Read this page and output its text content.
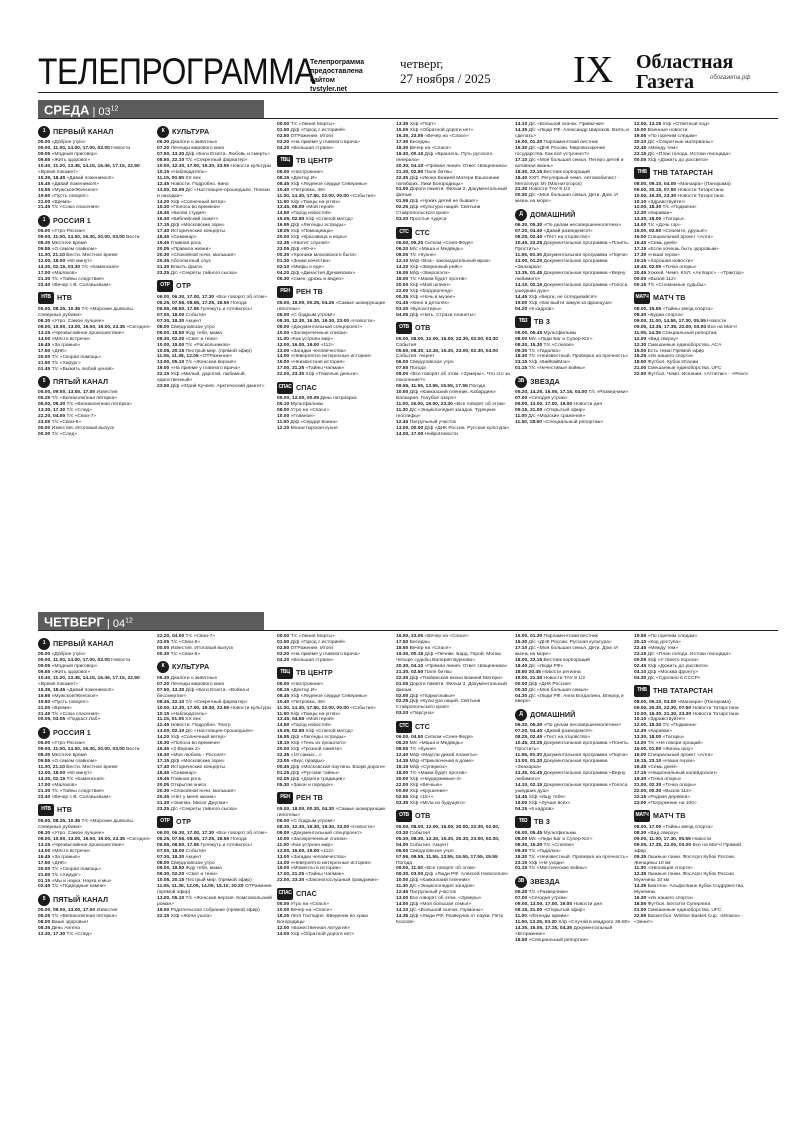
ТЕЛЕПРОГРАММА
Телепрограмма
предоставлена
сайтом
tvstyler.net
четверг,
27 ноября / 2025	IX Областная
Газета	облгазета.рф
СРЕДА | $03^{12}$
1	ПЕРВЫЙ КАНАЛ
05.00 «Доброе утро»
09.00, 11.00, 14.00, 17.00, 03.00 Новости
09.05 «Модный приговор»
09.55 «Жить здорово!»
10.40, 11.20, 13.45, 14.15, 16.45, 17.15, 22.50 «Время покажет»
15.35, 18.45 «Давай поженимся!»
15.45 «Давай поженимся!»
15.55 «Мужское/Женское»
19.50 «Пусть говорят»
21.00 «Время»
21.45 Т/с «Союз спасения»
1	РОССИЯ 1
05.00 «Утро России»
09.00, 11.00, 14.00, 16.30, 20.00, 03.00 Вести
09.30 Местное время
09.55 «О самом главном»
11.30, 21.10 Вести. Местное время
12.00, 18.00 «60 минут»
14.30, 02.15, 03.30 Т/с «Каменская»
17.00 «Малахов»
21.30 Т/с «Тайны следствия»
23.40 «Вечер с В. Соловьевым»
НТВ НТВ
05.00, 08.25, 10.35 Т/с «Морские дьяволы. Северные рубежи»
06.30 «Утро. Самое лучшее»
08.00, 10.00, 13.00, 16.00, 19.00, 23.35 «Сегодня»
13.25 «Чрезвычайное происшествие»
14.00 «Место встречи»
16.45 «За гранью»
17.50 «ДНК»
20.00 Т/с «Скорая помощь»
21.50 Т/с «Хирург»
01.45 Т/с «Выжить любой ценой»
5	ПЯТЫЙ КАНАЛ
05.00, 09.00, 13.00, 17.00 Известия
05.25 Т/с «Великолепная пятерка»
06.00, 09.30 Т/с «Великолепная пятерка»
13.30, 17.30 Т/с «След»
22.20, 04.00 Т/с «Свои-7»
23.05 Т/с «Свои-6»
00.00 Известия. Итоговый выпуск
00.30 Т/с «След»
К	КУЛЬТУРА
06.30 Диалоги о животных
07.20 Легенды мирового кино
07.50, 13.30 Д/ф «Боги Египта. Любовь и смерть»
08.50, 22.10 Т/с «Секретный фарватер»
10.00, 12.30, 17.00, 19.30, 23.55 Новости культуры
10.15 «Наблюдатель»
11.15, 00.55 ХХ век
12.45 Новости. Подробно. Кино
13.00, 02.05 Д/с «Настоящее-прошедшее. Поиски и находки»
14.20 Х/ф «Солнечный ветер»
15.30 «Полоса во времени»
15.45 «Белая студия»
16.30 «Библейский сюжет»
17.15 Д/ф «Московские зори»
17.40 Исторические концерты
18.45 «Семинар»
19.45 Главная роль
20.05 «Правила жизни»
20.30 «Спокойной ночи, малыши!»
20.45 Абсолютный слух
21.30 Власть факта
23.25 Д/с «Секреты тайного сыска»
ОТР ОТР
06.00, 06.30, 17.00, 17.30 «Все говорят об этом»
06.25, 07.55, 08.55, 17.25, 18.55 Погода
06.55, 08.50, 17.55 Гуляжуть и готовьтесь!
07.00, 18.00 События
07.30, 18.30 Акцент
08.00 Свердловское утро
09.00, 18.50 Жду тебя, мама
09.30, 02.20 «Свет и тени»
10.00, 15.00 Т/с «Раскольников»
10.05, 20.15 Пестрый мир. (прямой эфир)
11.05, 11.35, 12.05 «ОТРажение»
13.00, 05.10 Т/с «Женская версия»
19.00 «На приеме у главного врача»
22.15 Х/ф «Милый, дорогой, любимый, единственный»
23.50 Д/ф «Юрий Кучеев. Арктический джигит»
00.00 Т/с «Линия Марты»
01.50 Д/ф «Город с историей»
02.50 ОТРажение. Итоги
03.20 «На приеме у главного врача»
04.20 «Большая страна»
ТВЦ ТВ ЦЕНТР
06.00 «Настроение»
08.15 «Доктор И»
08.45 Х/ф «Ледяное сердце Северины»
10.40 «Петровка, 38»
11.30, 14.30, 17.50, 22.00, 00.00 «События»
11.50 Х/ф «Танцы на углях»
13.45, 05.00 «Мой герой»
14.50 «Город новостей»
15.05, 02.50 Х/ф «Слепой метод»
16.55 Д/ф «Легенды эстрады»
18.05 Х/ф «Помощница»
20.00 Х/ф «Красавица и воры»
22.35 «Хватит слухов!»
23.05 Д/ф «90-е»
00.30 «Хроники московского быта»
01.30 «Знаки качества»
02.10 «Мифы о еде»
04.20 Д/ф «Династия Дунаевских»
05.30 «Смех, дрожь и видео»
РЕН РЕН ТВ
05.00, 18.00, 00.25, 04.25 «Самые шокирующие гипотезы»
06.00 «С бодрым утром!»
08.30, 12.30, 16.30, 19.30, 23.00 «Новости»
09.00 «Документальный спецпроект»
10.00 «Засекреченные списки»
11.00 «Как устроен мир»
12.00, 16.00, 19.00 «112»
13.00 «Загадки человечества»
14.00 «Невероятно интересные истории»
15.00 «Неизвестная история»
17.00, 21.25 «Тайны Чапман»
22.00, 23.30 Х/ф «Тяжелые деньги»
СПАС СПАС
05.00, 12.00, 00.05 День патриарха
05.10 Мультфильмы
08.00 Утро на «Спасе»
10.00 «Главное»
11.00 Д/ф «Сердце воина»
12.10 Монастырская кухня
13.35 Х/ф «Порт»
15.05 Х/ф «Обратной дороги нет»
16.30, 23.05 «Вечер на «Спасе»
17.30 Беседны
18.30 Вечер на «Спасе»
19.30, 00.15 Д/ф «Врангель. Путь русского генерала»
20.30, 04.10 «Прямая линия. Ответ священника»
21.30, 02.50 Пале битвы
22.35 Д/ф «Икона Божией Матери Взыскание погибших. Лики Богородицы»
01.00 Дороги памяти. Фильм 2. Документальный фильм
01.55 Д/ф «Нужих детей не бывает»
02.25 Д/ф «Культура наций. Святыни Ставропольского края»
03.20 Простые чудеса
СТС СТС
06.00, 05.20 Ситком «Сеня-Федя»
06.20 М/с «Маша и Медведь»
08.05 Т/с «Кухня»
12.10 М/ф «Вэа - законодательный мрак»
14.20 Х/ф «Зверинный рейс»
16.05 М/ф «Зверопэлэ»
18.00 Т/с «Мама будет против»
20.00 Х/ф «Мой шпион»
22.00 Х/ф «Бордерленд»
00.35 Х/ф «Ночь в музее»
01.45 «Кино в деталях»
03.20 «Бухгалтеры»
04.05 Д/ф «Нить. Страхи планеты»
ОТВ ОТВ
05.00, 08.00, 12.00, 15.00, 22.30, 02.00, 03.30 События
05.50, 08.30, 12.30, 15.30, 23.00, 02.30, 04.00 События. Акцент
06.00 Свердловское утро
07.55 Погода
09.00 «Все говорят об этом. «Зумеры». Что это за поколение?»
09.55, 11.55, 13.55, 15.55, 17.55 Погода
10.00 Д/ф «Кавказский пленник. Кабардино-Балкария. Голубое озеро»
11.00, 16.00, 19.00, 23.30 «Все говорят об этом»
11.30 Д/с «Энциклопедия загадок. Турецкие геоглифы»
12.45 Патрульный участок
13.00, 00.00 Д/ф «ДНК России. Русская культура»
14.00, 17.00 НейроНовости
14.10 Д/с «Большой скачок. Привычки»
14.35 Д/с «Люди РФ. Александр Широков. Взять и сделать»
16.00, 01.30 Парламентский вестник
16.30 Д/с «ДНК России. Мировоззрение государства. Как всё устроено?»
17.10 Д/с «Моя большая семья. Петеро детей и активная жизнь»
18.30, 23.15 Вестник корпораций
18.40 ХХП. Регулярный чемп. Автомобилист - Металлург Мг (Магнитогорск)
21.30 Новости ТАУ 9 1/2
00.30 Д/с «Моя большая семья. Дети. Дом. И жизнь на море»
Д	ДОМАШНИЙ
06.30, 05.30 «По делам несовершеннолетних»
07.20, 04.40 «Давай разведемся!»
08.25, 02.40 «Тест на отцовство»
10.45, 23.25 Документальная программа «Понять. Простить»
11.55, 00.30 Документальная программа «Порча»
13.00, 01.20 Документальная программа «Знахарка»
13.35, 01.45 Документальная программа «Верну любимого»
14.10, 02.15 Документальная программа «Голоса ушедших душ»
14.45 Х/ф «Берги, не оглядывайся!»
19.00 Х/ф «Как выйти замуж за француза»
04.20 «6 кадров»
ТВ3 ТВ 3
06.00, 05.45 Мультфильмы
08.00 М/с «Леди Баг и Супер-Кот»
08.30, 15.30 Т/с «Слепая»
09.30 Т/с «Гадалка»
18.30 Т/с «Неизвестный. Проверка на прочность»
23.15 Х/ф «БайКайМэн»
01.15 Т/с «Нечестивые войны»
ЗВ ЗВЕЗДА
05.20, 14.25, 15.05, 17.15, 04.00 Т/с «Разведчики»
07.00 «Сегодня утром»
09.00, 13.00, 17.00, 19.00 Новости дня
09.15, 21.00 «Открытый эфир»
11.00 Д/с «Морские сражения»
11.50, 18.50 «Специальный репортаж»
12.00, 13.25 Х/ф «Ответный ход»
15.00 Военные новости
19.55 «По горячим следам»
20.10 Д/с «Секретные материалы»
22.45 «Между тем»
23.15 Д/с «План голода. Истоки геноцида»
00.05 Х/ф «Дожить до рассвета»
ТНВ ТНВ ТАТАРСТАН
08.00, 09.10, 04.00 «Манзара» (Панорама)
09.00, 20.15, 07.50 Новости Татарстана
10.00, 16.30, 23.30 Новости Татарстана
10.10 «Здравствуйте!»
12.00, 18.30 Т/с «Подмена»
12.30 «Караван»
13.30, 18.00 «Татары»
14.00 Т/с «Дочь гор»
15.00, 02.50 «Споемте, друзья!»
16.00 Специальный проект «Алга»
16.45 «Семь дней»
17.15 «Если хочешь быть здоровым»
17.30 «Наши герои»
19.15 «Хорошая новости»
19.45, 02.05 «Точка опоры»
20.45 Хоккей. Чемп. КХЛ. «Ак Барс» - «Трактор»
00.00 «Вызов 112»
00.15 Т/с «Сломанные судьбы»
МАТЧ МАТЧ ТВ
08.00, 16.55 «Тайны звезд спорта»
08.30 «Будни спорта»
09.00, 11.00, 14.55, 17.30, 05.55 Новости
09.05, 13.35, 17.35, 22.00, 03.00 Все на Матч!
11.05, 14.35 Специальный репортаж
12.00 «Вид сверху»
12.30 Смешанные единоборства. ACA
15.00 Есть тема! Прямой эфир
16.25 «Их нашего спорта»
18.50 Футбол. Кубок Италии
21.00 Смешанные единоборства. UFC
22.50 Футбол. Чемп. Испании. «Атлетик» - «Реал»
ЧЕТВЕРГ | $04^{12}$
1	ПЕРВЫЙ КАНАЛ
05.00 «Доброе утро»
09.00, 11.00, 14.00, 17.00, 03.00 Новости
09.05 «Модный приговор»
09.55 «Жить здорово!»
10.40, 11.20, 13.45, 14.15, 16.45, 17.15, 22.50 «Время покажет»
15.35, 18.45 «Давай поженимся!»
15.55 «Мужское/Женское»
19.50 «Пусть говорят»
21.00 «Время»
21.45 Т/с «Союз спасения»
00.05, 03.05 «Подкаст.Лаб»
1	РОССИЯ 1
05.00 «Утро России»
09.00, 11.00, 14.00, 16.30, 20.00, 03.00 Вести
09.30 Местное время
09.55 «О самом главном»
11.30, 21.10 Вести. Местное время
12.00, 18.00 «60 минут»
14.30, 02.15 Т/с «Каменская»
17.00 «Малахов»
21.30 Т/с «Тайны следствия»
23.40 «Вечер с В. Соловьевым»
НТВ НТВ
05.00, 08.25, 10.35 Т/с «Морские дьяволы. Северные рубежи»
06.30 «Утро. Самое лучшее»
08.00, 10.00, 13.00, 16.00, 19.00, 23.35 «Сегодня»
13.25 «Чрезвычайное происшествие»
14.00 «Место встречи»
16.45 «За гранью»
17.50 «ДНК»
20.00 Т/с «Скорая помощь»
21.50 Т/с «Хирург»
01.15 «Мы и наука. Наука и мы»
02.45 Т/с «Подводные камни»
5	ПЯТЫЙ КАНАЛ
05.00, 09.00, 13.00, 17.00 Известия
05.25 Т/с «Великолепная пятерка»
08.00 Ваше здоровье!
08.35 День Ангела
13.30, 17.30 Т/с «След»
22.20, 04.00 Т/с «Свои-7»
23.05 Т/с «Свои-6»
00.00 Известия. Итоговый выпуск
00.30 Т/с «Свои-6»
К	КУЛЬТУРА
06.30 Диалоги о животных
07.20 Легенды мирового кино
07.50, 13.30 Д/ф «Боги Египта. «Война и бессмертие»
08.45, 22.10 Т/с «Секретный фарватер»
10.00, 12.30, 17.00, 19.30, 23.55 Новости культуры
10.15 «Наблюдатель»
11.15, 01.05 ХХ век
12.45 Новости. Подробно. Театр
13.00, 02.10 Д/с «Настоящее-прошедшее»
14.20 Х/ф «Солнечный ветер»
15.30 «Полоса во времени»
15.45 «2 Верник 2»
16.30 «Моя любовь - Россия!»
17.15 Д/ф «Московские зори»
17.40 Исторические концерты
18.45 «Семинар»
19.45 Главная роль
20.05 Открытая книга
20.30 «Спокойной ночи, малыши!»
20.45 «Нет у меня жизни»
21.30 «Энигма. Мисаг Джулаи»
23.25 Д/с «Секреты тайного сыска»
ОТР ОТР
06.00, 06.30, 17.00, 17.30 «Все говорят об этом»
06.25, 07.55, 08.55, 17.25, 18.55 Погода
06.55, 08.50, 17.55 Гуляжуть и готовьтесь!
07.00, 18.00 События
07.30, 18.30 Акцент
08.00 Свердловское утро
09.00, 18.50 Жду тебя, мама
09.30, 02.20 «Свет и тени»
10.05, 20.15 Пестрый мир. (прямой эфир)
11.05, 11.35, 12.05, 14.05, 15.10, 20.20 ОТРажение (прямой эфир)
13.00, 05.10 Т/с «Женская версия. Комсомольский роман»
19.00 Родительское собрание (прямой эфир)
22.15 Х/ф «Жена ушла»
00.00 Т/с «Линия Марты»
01.50 Д/ф «Город с историей»
02.50 ОТРажение. Итоги
03.20 «На приеме у главного врача»
04.20 «Большая страна»
ТВЦ ТВ ЦЕНТР
06.00 «Настроение»
08.15 «Доктор И»
08.45 Х/ф «Ледяное сердце Северины»
10.40 «Петровка, 38»
11.30, 14.30, 17.50, 22.00, 00.00 «События»
11.50 Х/ф «Танцы на углях»
13.45, 04.55 «Мой герой»
14.50 «Город новостей»
15.05, 02.50 Х/ф «Слепой метод»
16.55 Д/ф «Легенды эстрады»
18.10 Х/ф «Тень из прошлого»
20.00 Х/ф «Грозной памяти»
22.35 «10 самых...»
23.05 «Вкус правды»
00.45 Д/ф «Московская паутина. Взорв дороги»
01.25 Д/ф «Русские тайны»
02.05 Д/ф «Дороги традиции»
05.30 «Закон и порядок»
РЕН РЕН ТВ
05.00, 18.00, 00.30, 04.30 «Самые шокирующие гипотезы»
06.00 «С бодрым утром!»
08.30, 12.30, 16.30, 19.30, 23.00 «Новости»
09.00 «Документальный спецпроект»
10.00 «Засекреченные списки»
11.00 «Как устроен мир»
12.00, 16.00, 19.00 «112»
13.00 «Загадки человечества»
14.00 «Невероятно интересные истории»
15.00 «Моменты в истории»
17.00, 21.25 «Тайны Чапман»
22.00, 23.30 «Законопослушный гражданин»
СПАС СПАС
05.00 Утро на «Спасе»
10.00 Вечер на «Спасе»
18.25 Лето Господне. Введение во храм Богородицы
12.00 «Божественная литургия»
14.00 Х/ф «Обратной дороги нет»
16.50, 23.05 «Вечер на «Спасе»
17.50 Беседны
18.50 Вечер на «Спасе»
19.30, 00.15 Д/ф «Печник. Бард. Герой. Монах. Четыре судьбы Валерия Бурнова»
20.30, 04.10 «Прямая линия. Ответ священника»
21.30, 02.50 Пале битвы
22.35 Д/ф «Тихвинская икона Божией Матери»
01.05 Дороги памяти. Фильм 3. Документальный фильм
02.00 Д/ф «Подмосковье»
02.25 Д/ф «Культура наций. Святыни Ставропольского края»
03.20 «Парсуна»
СТС СТС
06.00, 04.50 Ситком «Сеня-Федя»
06.20 М/с «Маша и Медведь»
08.05 Т/с «Кухня»
12.40 М/ф «Маугли дикой планеты»
14.35 М/ф «Приключения в доме»
16.15 М/ф «Суперкоз»
18.00 Т/с «Мама будет против»
20.00 Х/ф «Неудержимые-4»
22.00 Х/ф «Вечные»
00.50 Х/ф «Крушение»
02.55 Х/ф «15+»
03.35 Х/ф «Мгла из будущего»
ОТВ ОТВ
05.00, 08.00, 12.00, 15.00, 20.00, 22.30, 02.00, 03.30 События
05.30, 08.30, 12.30, 15.30, 20.30, 23.00, 02.30, 04.00 События. Акцент
06.00 Свердловское утро
07.55, 09.55, 11.55, 13.55, 15.55, 17.55, 19.55 Погода
09.00, 11.00 «Все говорят об этом»
09.30, 03.00 Д/ф «Люди РФ. Алексей Новоселов»
10.00 Д/ф «Кавказский пленник»
11.30 Д/с «Энциклопедия загадок»
12.45 Патрульный участок
13.00 Все говорят об этом. «Зумеры»
14.00 Д/ф «Моя большая семья»
14.10 Д/с «Большой скачок. Гормоны»
14.35 Д/ф «Люди РФ. Разведчик от науки. Петр Козлов»
16.00, 01.30 Парламентский вестник
16.30 Д/с «ДНК России. Русская культура»
17.10 Д/с «Моя большая семья. Дети. Дом. И жизнь на море»
18.00, 23.15 Вестник корпораций
18.40 Д/с «Люди РФ»
18.50 20.45 Новости региона
19.00, 21.30 Новости ТАУ 9 1/2
00.00 Д/ф «ДНК России»
00.30 Д/с «Моя большая семья»
04.30 Д/с «Люди РФ. Анна Богдалина. Вперед и вверх»
Д	ДОМАШНИЙ
06.30, 05.30 «По делам несовершеннолетних»
07.20, 04.40 «Давай разведемся!»
08.25, 02.45 «Тест на отцовство»
10.45, 23.25 Документальная программа «Понять. Простить»
11.55, 00.30 Документальная программа «Порча»
13.00, 01.20 Документальная программа «Знахарка»
13.35, 01.45 Документальная программа «Верну любимого»
14.10, 02.15 Документальная программа «Голоса ушедших душ»
14.45 Х/ф «Ищу тебя»
19.00 Х/ф «Лучше всех»
04.15 «6 кадров»
ТВ3 ТВ 3
06.00, 05.45 Мультфильмы
08.00 М/с «Леди Баг и Супер-Кот»
08.30, 15.30 Т/с «Слепая»
09.30 Т/с «Гадалка»
18.30 Т/с «Неизвестный. Проверка на прочность»
23.15 Х/ф «Не уходи»
01.15 Т/с «Мистические войны»
ЗВ ЗВЕЗДА
05.25 Т/с «Разведчики»
07.00 «Сегодня утром»
09.00, 13.00, 17.00, 19.00 Новости дня
09.15, 21.00 «Открытый эфир»
11.00 «Легенды армии»
11.50, 13.25, 03.20 Х/ф «Случай в квадрате 36-80»
14.35, 15.05, 17.15, 04.35 Документальный «Вторжение»
18.50 «Специальный репортаж»
19.55 «По горячим следам»
20.10 «Код доступа»
22.45 «Между тем»
23.15 Д/с «План голода. Истоки геноцида»
00.05 Х/ф «У твоего порога»
02.45 Х/ф «Дожить до рассвета»
04.10 Д/ф «Москва фронту»
04.30 Д/с «Сделано в СССР»
ТНВ ТНВ ТАТАРСТАН
08.00, 09.10, 04.00 «Манзара» (Панорама)
09.00, 20.30, 22.30, 07.50 Новости Татарстана
10.00, 16.30, 21.30, 23.30 Новости Татарстана
10.10 «Здравствуйте!»
12.00, 18.30 Т/с «Подмена»
12.30 «Караван»
13.30, 18.00 «Татары»
14.00 Т/с «Не говори прощай»
15.00, 01.50 «Жизнь шоу»
16.00 Специальный проект «Алга»
16.15, 23.10 «Наши герои»
16.45 «Семь дней»
17.15 «Национальный калейдоскоп»
19.30 «Точка опоры»
21.00, 02.30 «Точка опоры»
22.00, 00.30 «Вызов 112»
22.15 «Родная деревня»
23.00 «Погружение на 100»
МАТЧ МАТЧ ТВ
08.00, 17.00 «Тайны звезд спорта»
08.30 «Вид сверху»
09.00, 11.00, 17.30, 05.55 Новости
09.05, 17.35, 22.00, 03.00 Все на Матч! Прямой эфир
09.35 Лыжные гонки. ФосАгро Кубок России. Женщины 10 км
11.30 «Эволюция спорта»
12.35 Лыжные гонки. ФосАгро Кубок России. Мужчины 10 км
14.35 Биатлон. Альфа-Банк Кубок Содружества. Мужчины
16.30 «Их нашего спорта»
18.55 Футбол. Бетсити Суперлига
21.00 Смешанные единоборства. UFC
22.55 Баскетбол. Winline Basket Cup. «Игокеа» - «Зенит»
